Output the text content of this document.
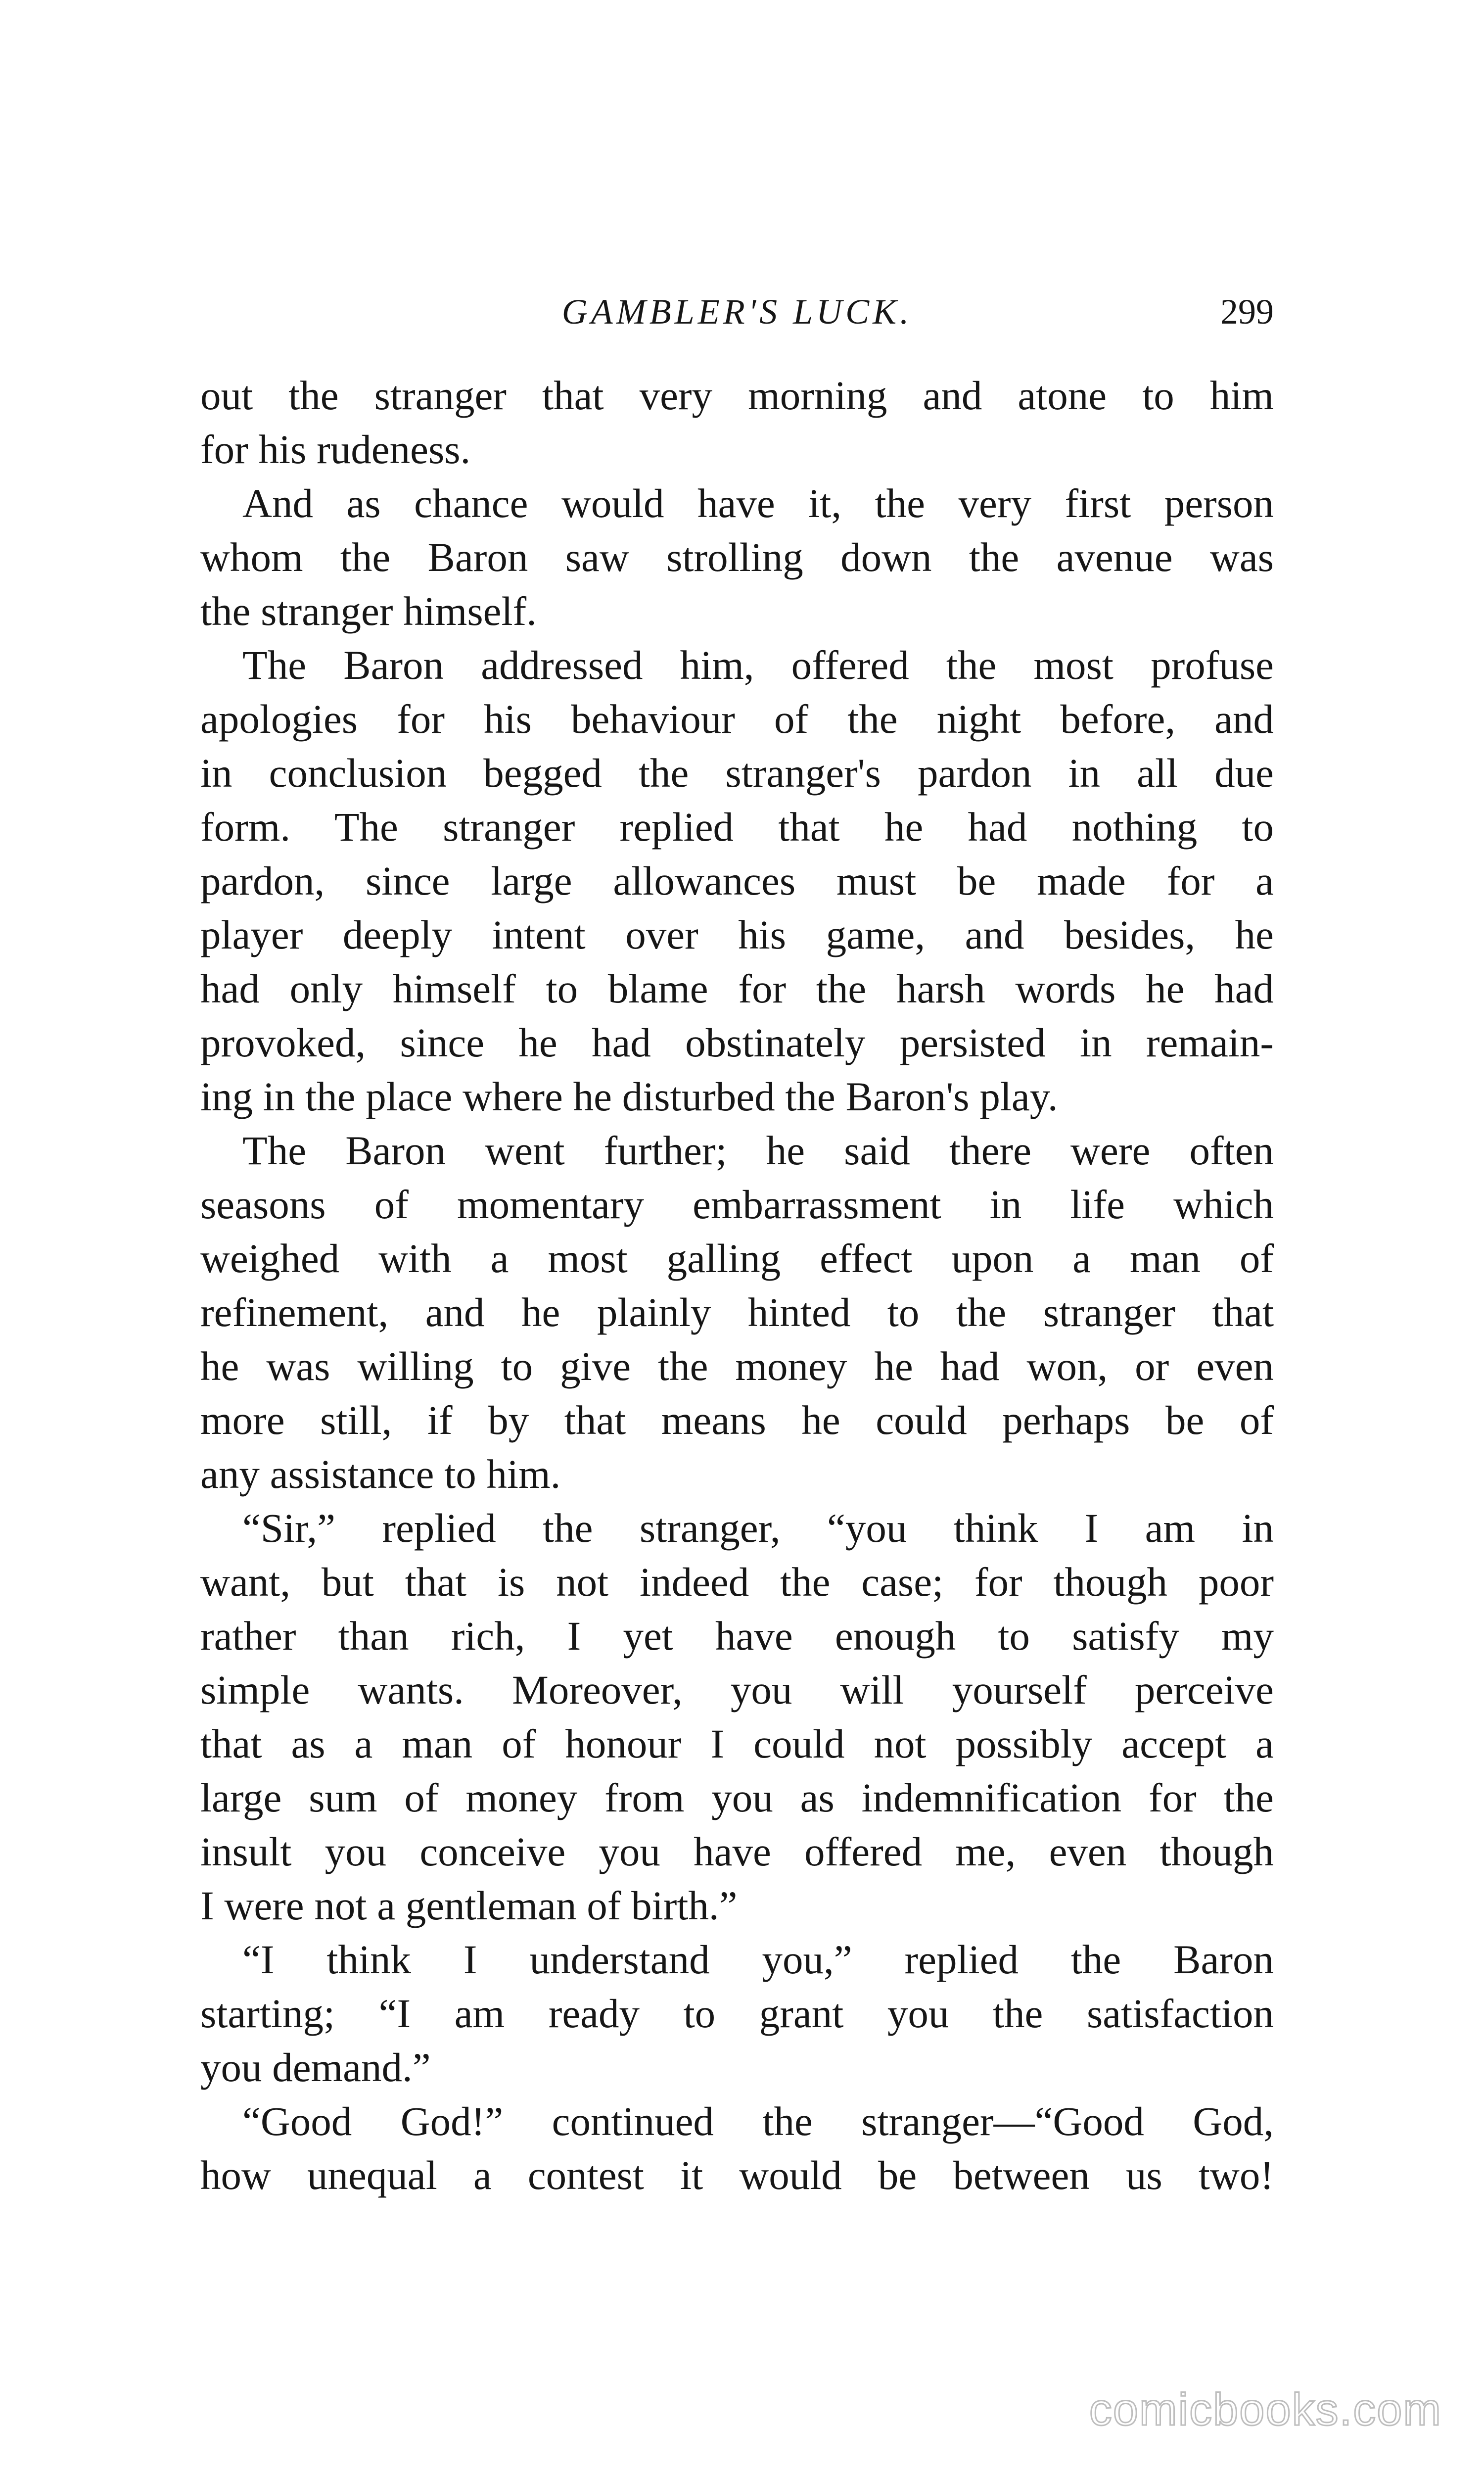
GAMBLER'S LUCK.	299
out the stranger that very morning and atone to him
for his rudeness.
And as chance would have it, the very first person
whom the Baron saw strolling down the avenue was
the stranger himself.
The Baron addressed him, offered the most profuse
apologies for his behaviour of the night before, and
in conclusion begged the stranger's pardon in all due
form. The stranger replied that he had nothing to
pardon, since large allowances must be made for a
player deeply intent over his game, and besides, he
had only himself to blame for the harsh words he had
provoked, since he had obstinately persisted in remain-
ing in the place where he disturbed the Baron's play.
The Baron went further; he said there were often
seasons of momentary embarrassment in life which
weighed with a most galling effect upon a man of
refinement, and he plainly hinted to the stranger that
he was willing to give the money he had won, or even
more still, if by that means he could perhaps be of
any assistance to him.
“Sir,” replied the stranger, “you think I am in
want, but that is not indeed the case; for though poor
rather than rich, I yet have enough to satisfy my
simple wants. Moreover, you will yourself perceive
that as a man of honour I could not possibly accept a
large sum of money from you as indemnification for the
insult you conceive you have offered me, even though
I were not a gentleman of birth.”
“I think I understand you,” replied the Baron
starting; “I am ready to grant you the satisfaction
you demand.”
“Good God!” continued the stranger—“Good God,
how unequal a contest it would be between us two!
comicbooks.com
